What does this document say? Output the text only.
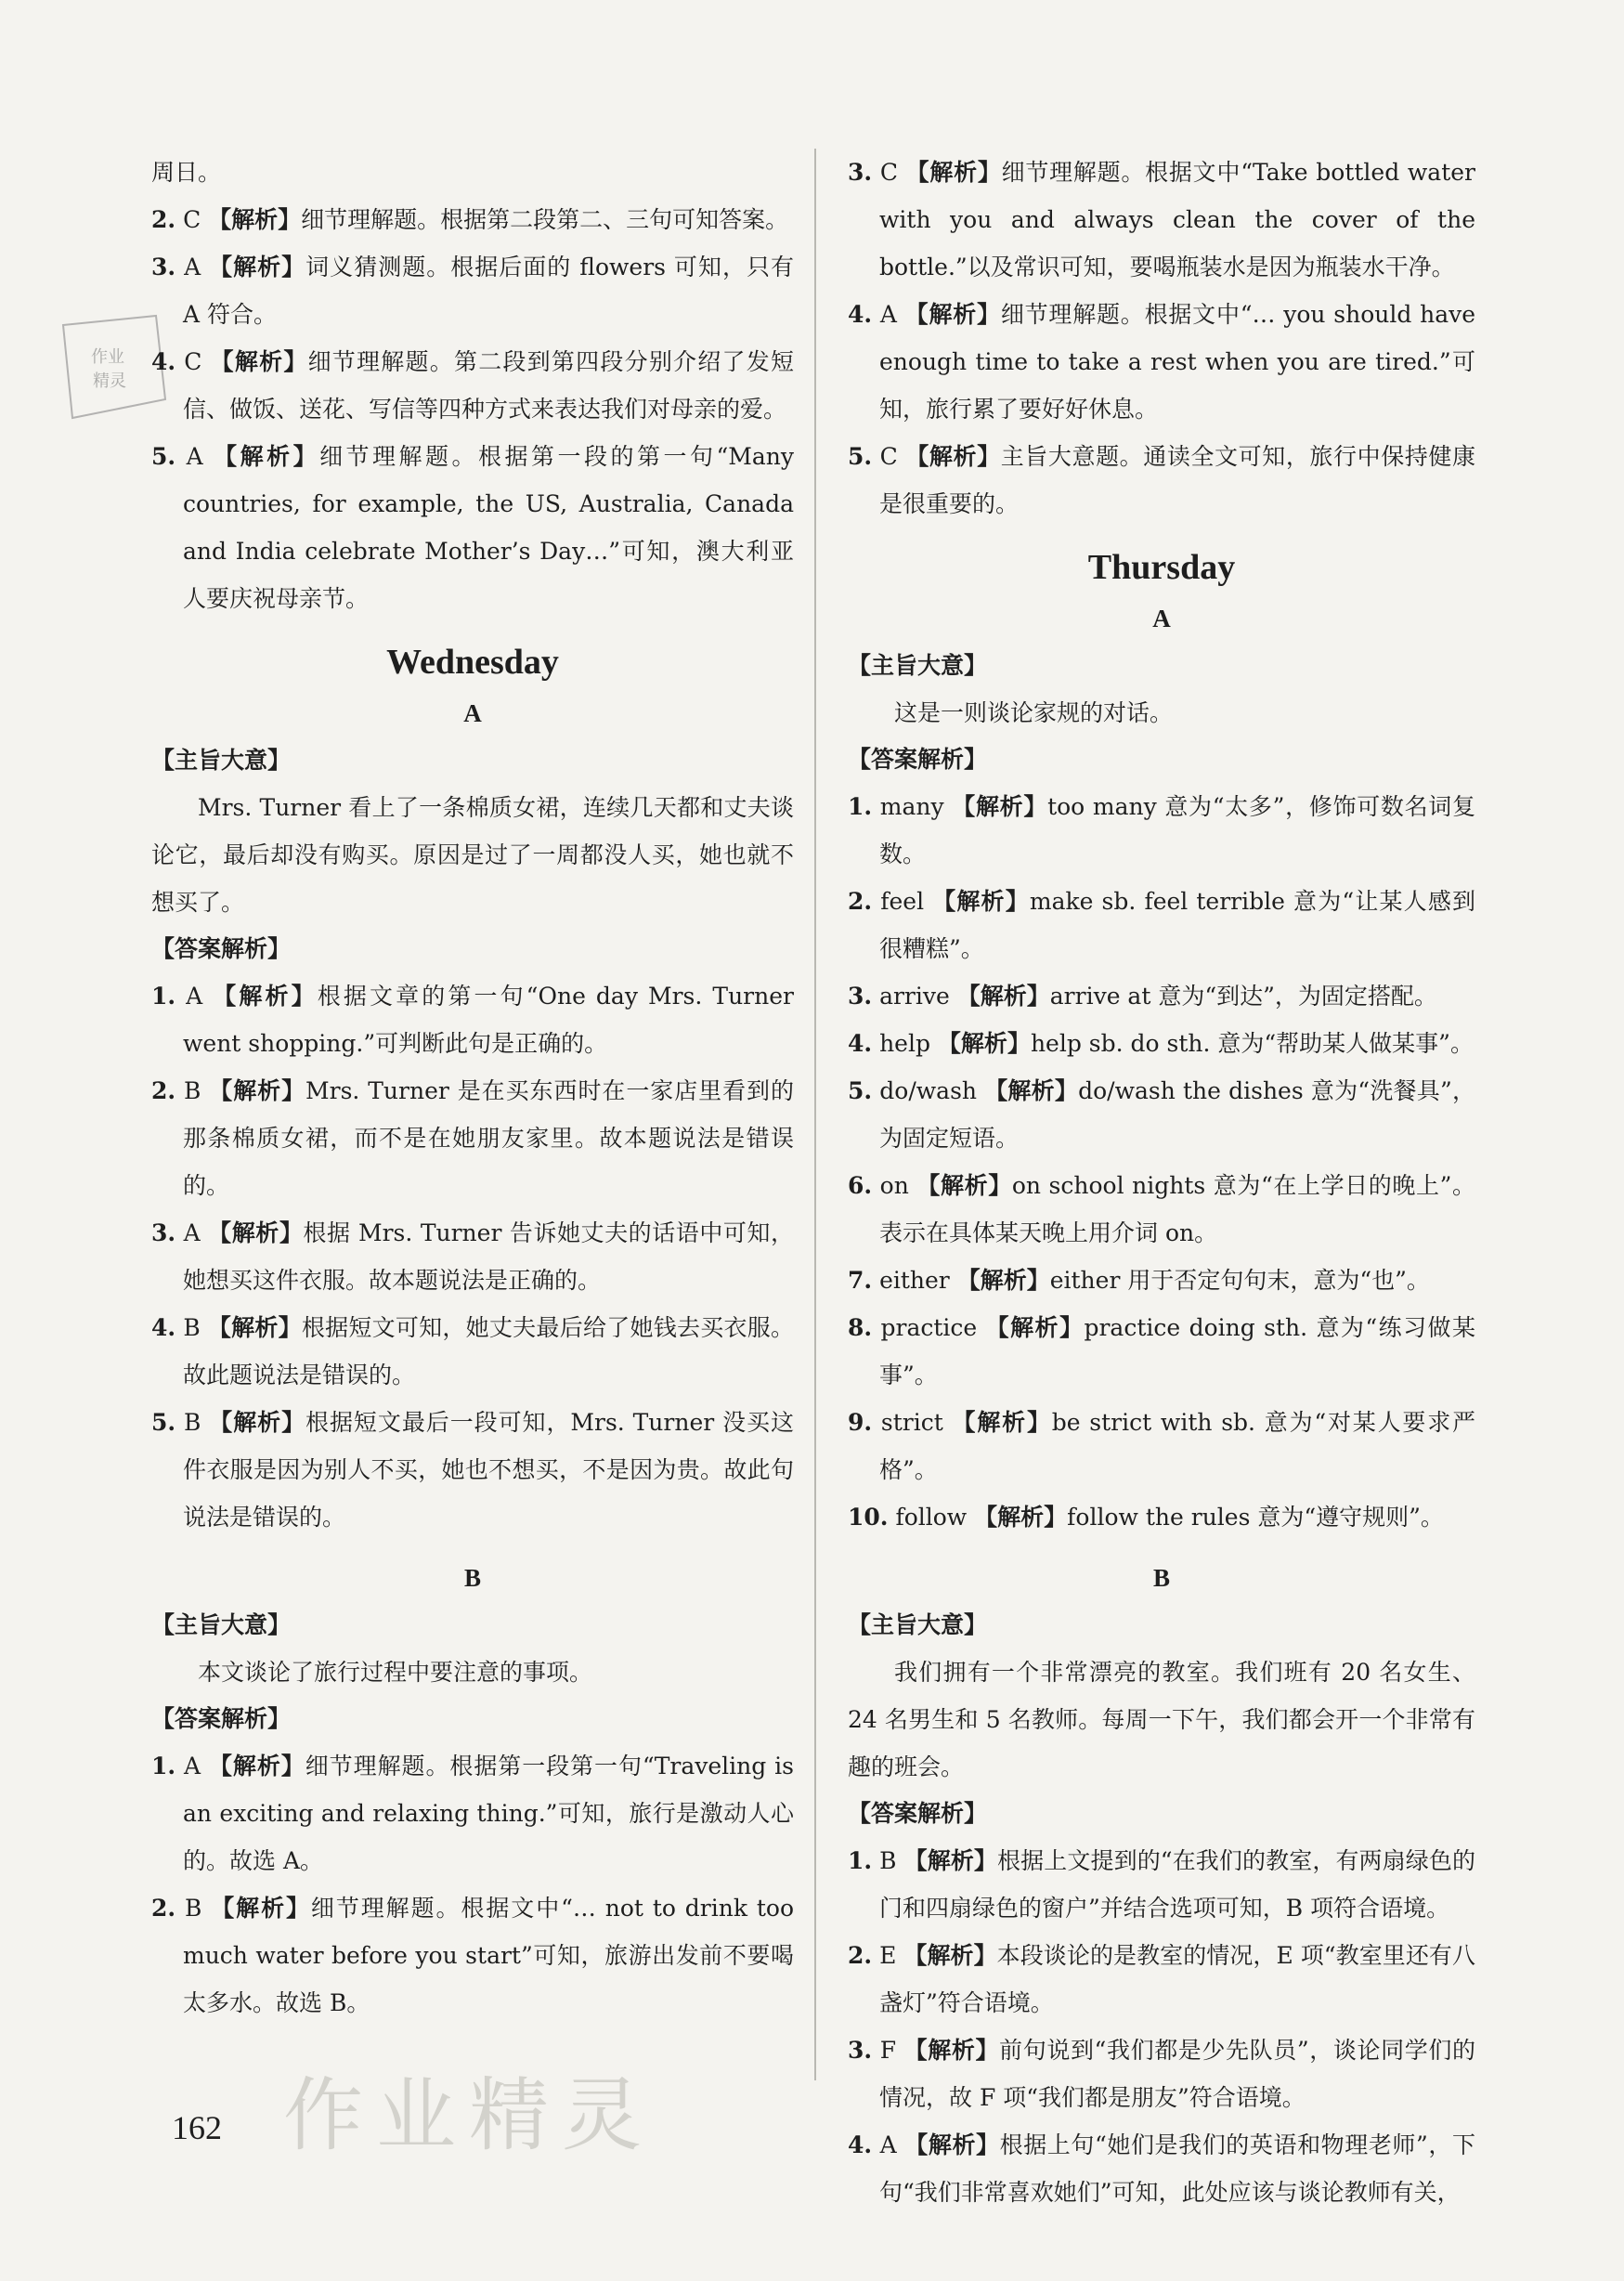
作业
精灵

周日。

2. C 【解析】细节理解题。根据第二段第二、三句可知答案。

3. A 【解析】词义猜测题。根据后面的 flowers 可知，只有 A 符合。

4. C 【解析】细节理解题。第二段到第四段分别介绍了发短信、做饭、送花、写信等四种方式来表达我们对母亲的爱。

5. A 【解析】细节理解题。根据第一段的第一句“Many countries, for example, the US, Australia, Canada and India celebrate Mother’s Day…”可知，澳大利亚人要庆祝母亲节。

Wednesday
A

【主旨大意】

Mrs. Turner 看上了一条棉质女裙，连续几天都和丈夫谈论它，最后却没有购买。原因是过了一周都没人买，她也就不想买了。

【答案解析】

1. A 【解析】根据文章的第一句“One day Mrs. Turner went shopping.”可判断此句是正确的。

2. B 【解析】Mrs. Turner 是在买东西时在一家店里看到的那条棉质女裙，而不是在她朋友家里。故本题说法是错误的。

3. A 【解析】根据 Mrs. Turner 告诉她丈夫的话语中可知，她想买这件衣服。故本题说法是正确的。

4. B 【解析】根据短文可知，她丈夫最后给了她钱去买衣服。故此题说法是错误的。

5. B 【解析】根据短文最后一段可知，Mrs. Turner 没买这件衣服是因为别人不买，她也不想买，不是因为贵。故此句说法是错误的。

B

【主旨大意】

本文谈论了旅行过程中要注意的事项。

【答案解析】

1. A 【解析】细节理解题。根据第一段第一句“Traveling is an exciting and relaxing thing.”可知，旅行是激动人心的。故选 A。

2. B 【解析】细节理解题。根据文中“… not to drink too much water before you start”可知，旅游出发前不要喝太多水。故选 B。

3. C 【解析】细节理解题。根据文中“Take bottled water with you and always clean the cover of the bottle.”以及常识可知，要喝瓶装水是因为瓶装水干净。

4. A 【解析】细节理解题。根据文中“… you should have enough time to take a rest when you are tired.”可知，旅行累了要好好休息。

5. C 【解析】主旨大意题。通读全文可知，旅行中保持健康是很重要的。

Thursday
A

【主旨大意】

这是一则谈论家规的对话。

【答案解析】

1. many 【解析】too many 意为“太多”，修饰可数名词复数。

2. feel 【解析】make sb. feel terrible 意为“让某人感到很糟糕”。

3. arrive 【解析】arrive at 意为“到达”，为固定搭配。

4. help 【解析】help sb. do sth. 意为“帮助某人做某事”。

5. do/wash 【解析】do/wash the dishes 意为“洗餐具”，为固定短语。

6. on 【解析】on school nights 意为“在上学日的晚上”。表示在具体某天晚上用介词 on。

7. either 【解析】either 用于否定句句末，意为“也”。

8. practice 【解析】practice doing sth. 意为“练习做某事”。

9. strict 【解析】be strict with sb. 意为“对某人要求严格”。

10. follow 【解析】follow the rules 意为“遵守规则”。

B

【主旨大意】

我们拥有一个非常漂亮的教室。我们班有 20 名女生、24 名男生和 5 名教师。每周一下午，我们都会开一个非常有趣的班会。

【答案解析】

1. B 【解析】根据上文提到的“在我们的教室，有两扇绿色的门和四扇绿色的窗户”并结合选项可知，B 项符合语境。

2. E 【解析】本段谈论的是教室的情况，E 项“教室里还有八盏灯”符合语境。

3. F 【解析】前句说到“我们都是少先队员”，谈论同学们的情况，故 F 项“我们都是朋友”符合语境。

4. A 【解析】根据上句“她们是我们的英语和物理老师”，下句“我们非常喜欢她们”可知，此处应该与谈论教师有关，

162 作业精灵
